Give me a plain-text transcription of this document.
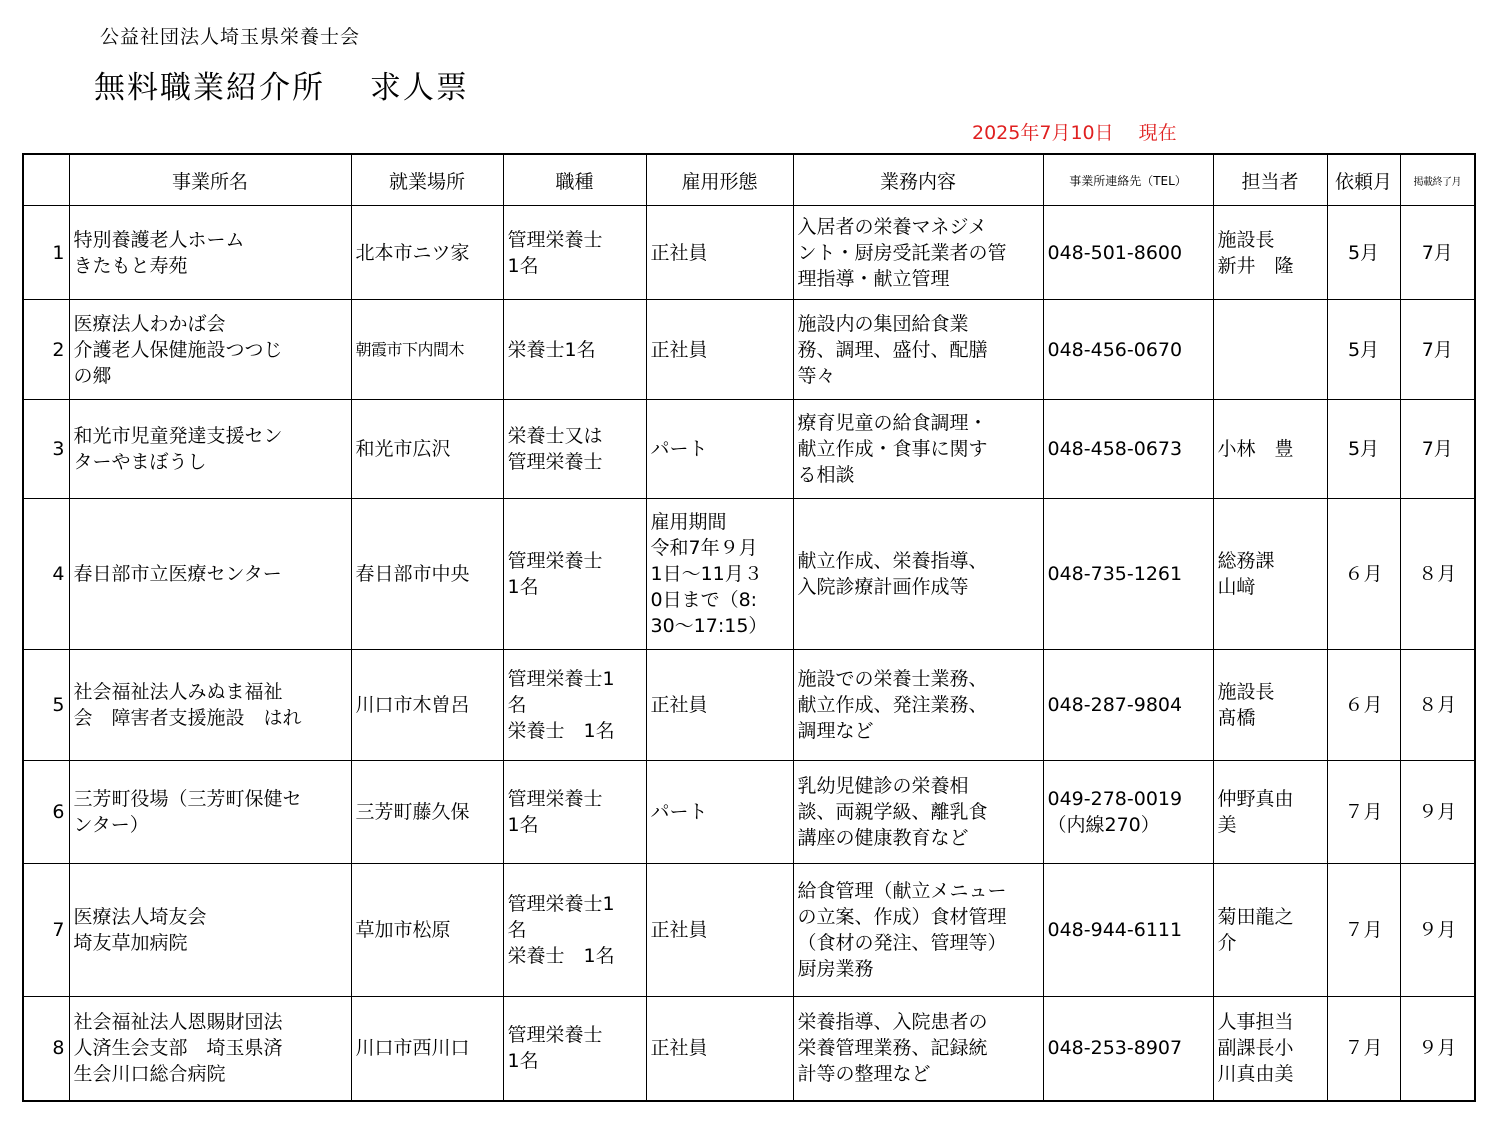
公益社団法人埼玉県栄養士会
無料職業紹介所　 求人票
2025年7月10日　 現在
	事業所名	就業場所	職種	雇用形態	業務内容	事業所連絡先（TEL）	担当者	依頼月	掲載終了月
1	特別養護老人ホーム
きたもと寿苑	北本市ニツ家	管理栄養士
1名	正社員	入居者の栄養マネジメ
ント・厨房受託業者の管
理指導・献立管理	048-501-8600	施設長
新井　隆	5月	7月
2	医療法人わかば会
介護老人保健施設つつじ
の郷	朝霞市下内間木	栄養士1名	正社員	施設内の集団給食業
務、調理、盛付、配膳
等々	048-456-0670		5月	7月
3	和光市児童発達支援セン
ターやまぼうし	和光市広沢	栄養士又は
管理栄養士	パート	療育児童の給食調理・
献立作成・食事に関す
る相談	048-458-0673	小林　豊	5月	7月
4	春日部市立医療センター	春日部市中央	管理栄養士
1名	雇用期間
令和7年９月
1日～11月３
0日まで（8:
30～17:15）	献立作成、栄養指導、
入院診療計画作成等	048-735-1261	総務課
山﨑	６月	８月
5	社会福祉法人みぬま福祉
会　障害者支援施設　はれ	川口市木曽呂	管理栄養士1
名
栄養士　1名	正社員	施設での栄養士業務、
献立作成、発注業務、
調理など	048-287-9804	施設長
髙橋	６月	８月
6	三芳町役場（三芳町保健セ
ンター）	三芳町藤久保	管理栄養士
1名	パート	乳幼児健診の栄養相
談、両親学級、離乳食
講座の健康教育など	049-278-0019
（内線270）	仲野真由
美	７月	９月
7	医療法人埼友会
埼友草加病院	草加市松原	管理栄養士1
名
栄養士　1名	正社員	給食管理（献立メニュー
の立案、作成）食材管理
（食材の発注、管理等）
厨房業務	048-944-6111	菊田龍之
介	７月	９月
8	社会福祉法人恩賜財団法
人済生会支部　埼玉県済
生会川口総合病院	川口市西川口	管理栄養士
1名	正社員	栄養指導、入院患者の
栄養管理業務、記録統
計等の整理など	048-253-8907	人事担当
副課長小
川真由美	７月	９月
